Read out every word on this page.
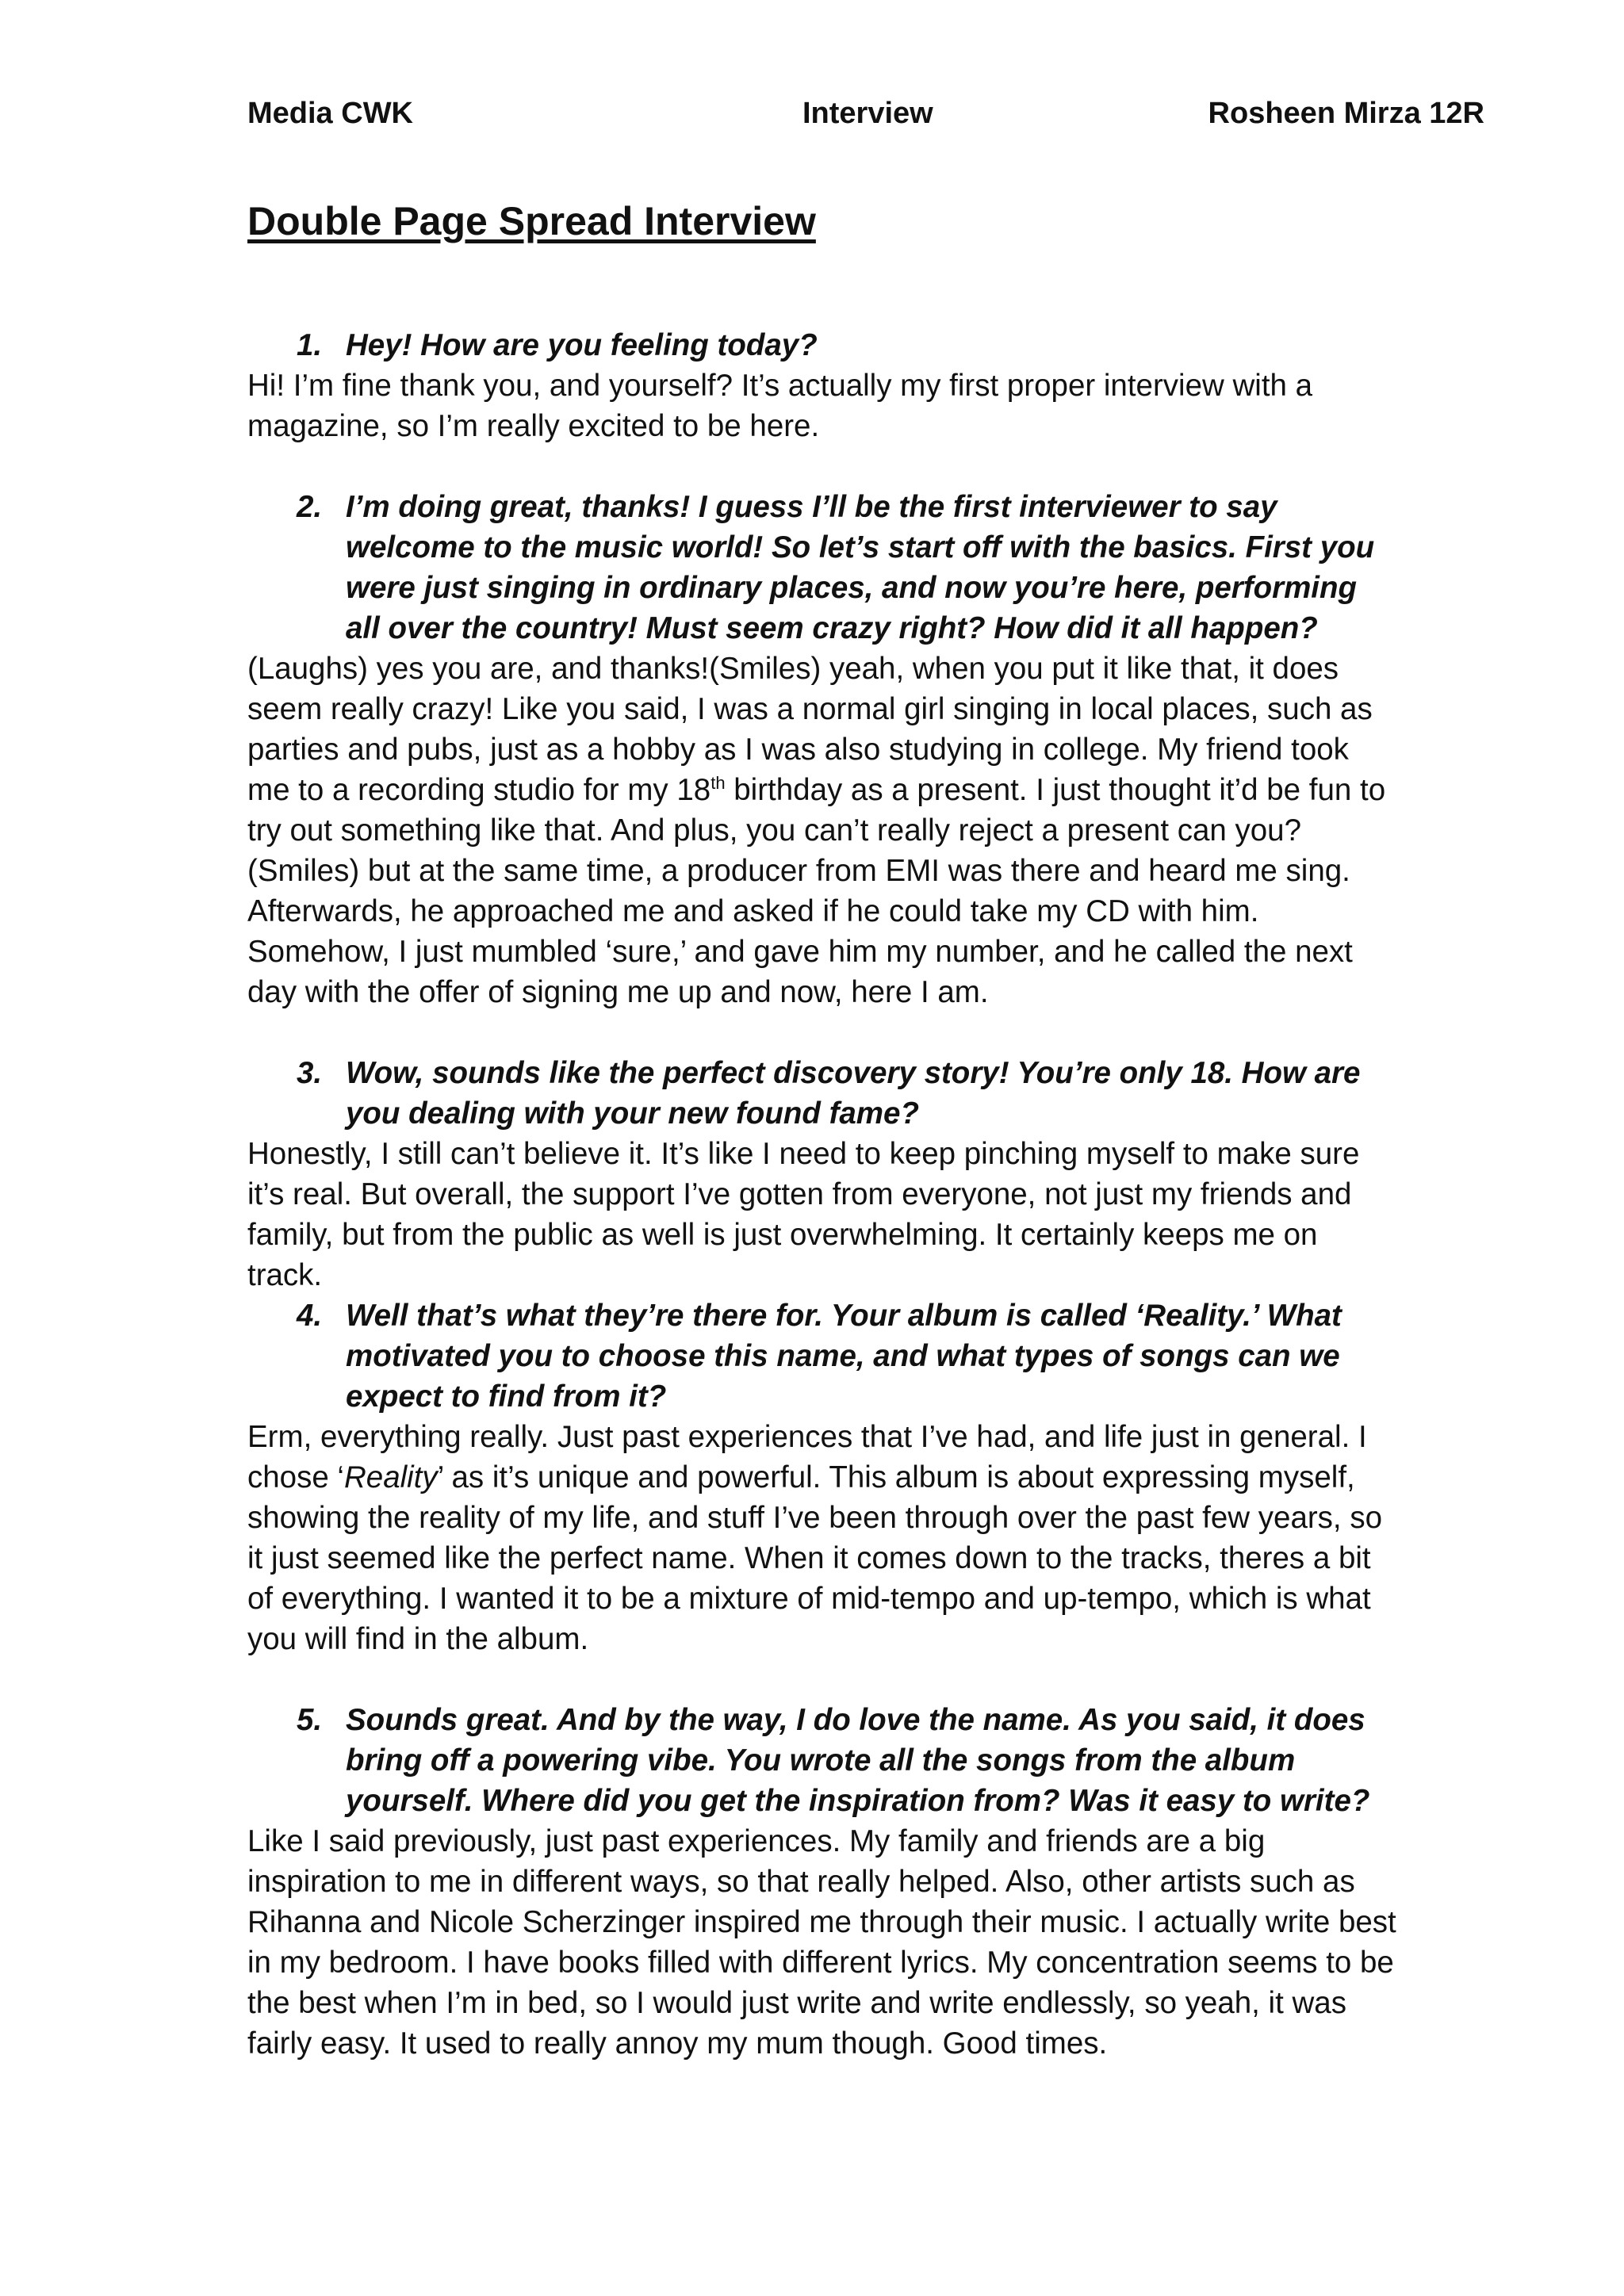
Media CWK	Interview	Rosheen Mirza 12R
Double Page Spread Interview
1. Hey! How are you feeling today?

Hi! I’m fine thank you, and yourself? It’s actually my first proper interview with a magazine, so I’m really excited to be here.

2. I’m doing great, thanks! I guess I’ll be the first interviewer to say welcome to the music world! So let’s start off with the basics. First you were just singing in ordinary places, and now you’re here, performing all over the country! Must seem crazy right? How did it all happen?

(Laughs) yes you are, and thanks!(Smiles) yeah, when you put it like that, it does seem really crazy! Like you said, I was a normal girl singing in local places, such as parties and pubs, just as a hobby as I was also studying in college. My friend took me to a recording studio for my 18th birthday as a present. I just thought it’d be fun to try out something like that. And plus, you can’t really reject a present can you? (Smiles) but at the same time, a producer from EMI was there and heard me sing. Afterwards, he approached me and asked if he could take my CD with him. Somehow, I just mumbled ‘sure,’ and gave him my number, and he called the next day with the offer of signing me up and now, here I am.

3. Wow, sounds like the perfect discovery story! You’re only 18. How are you dealing with your new found fame?

Honestly, I still can’t believe it. It’s like I need to keep pinching myself to make sure it’s real. But overall, the support I’ve gotten from everyone, not just my friends and family, but from the public as well is just overwhelming. It certainly keeps me on track.

4. Well that’s what they’re there for. Your album is called ‘Reality.’ What motivated you to choose this name, and what types of songs can we expect to find from it?

Erm, everything really. Just past experiences that I’ve had, and life just in general. I chose ‘Reality’ as it’s unique and powerful. This album is about expressing myself, showing the reality of my life, and stuff I’ve been through over the past few years, so it just seemed like the perfect name. When it comes down to the tracks, theres a bit of everything. I wanted it to be a mixture of mid-tempo and up-tempo, which is what you will find in the album.

5. Sounds great. And by the way, I do love the name. As you said, it does bring off a powering vibe. You wrote all the songs from the album yourself. Where did you get the inspiration from? Was it easy to write?

Like I said previously, just past experiences. My family and friends are a big inspiration to me in different ways, so that really helped. Also, other artists such as Rihanna and Nicole Scherzinger inspired me through their music. I actually write best in my bedroom. I have books filled with different lyrics. My concentration seems to be the best when I’m in bed, so I would just write and write endlessly, so yeah, it was fairly easy. It used to really annoy my mum though. Good times.
